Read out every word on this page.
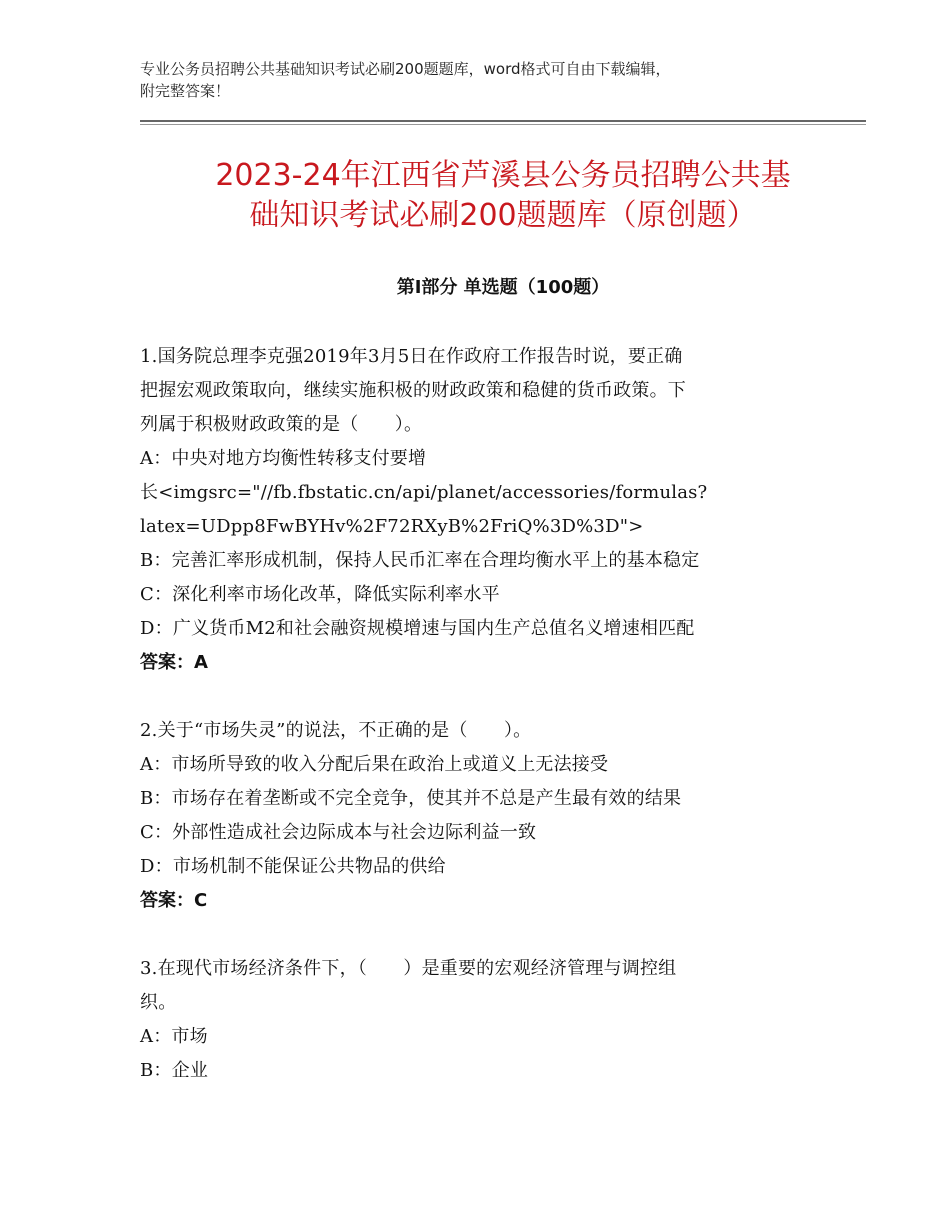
专业公务员招聘公共基础知识考试必刷200题题库，word格式可自由下载编辑，
附完整答案！
2023-24年江西省芦溪县公务员招聘公共基
础知识考试必刷200题题库（原创题）
第Ⅰ部分 单选题（100题）
1.国务院总理李克强2019年3月5日在作政府工作报告时说，要正确
把握宏观政策取向，继续实施积极的财政政策和稳健的货币政策。下
列属于积极财政政策的是（　　）。
A：中央对地方均衡性转移支付要增
长<imgsrc="//fb.fbstatic.cn/api/planet/accessories/formulas?
latex=UDpp8FwBYHv%2F72RXyB%2FriQ%3D%3D">
B：完善汇率形成机制，保持人民币汇率在合理均衡水平上的基本稳定
C：深化利率市场化改革，降低实际利率水平
D：广义货币M2和社会融资规模增速与国内生产总值名义增速相匹配
答案：A
2.关于“市场失灵”的说法，不正确的是（　　）。
A：市场所导致的收入分配后果在政治上或道义上无法接受
B：市场存在着垄断或不完全竞争，使其并不总是产生最有效的结果
C：外部性造成社会边际成本与社会边际利益一致
D：市场机制不能保证公共物品的供给
答案：C
3.在现代市场经济条件下，（　　）是重要的宏观经济管理与调控组
织。
A：市场
B：企业
